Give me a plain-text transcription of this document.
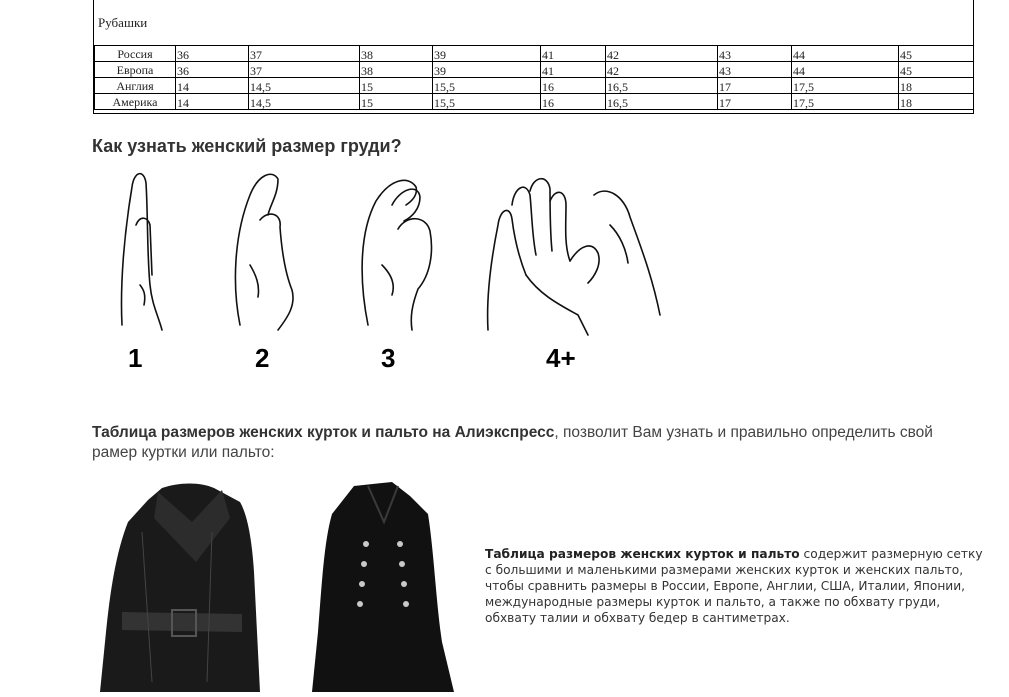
Рубашки
Россия	36	37	38	39	41	42	43	44	45
Европа	36	37	38	39	41	42	43	44	45
Англия	14	14,5	15	15,5	16	16,5	17	17,5	18
Америка	14	14,5	15	15,5	16	16,5	17	17,5	18
Как узнать женский размер груди?
1	2	3	4+

Таблица размеров женских курток и пальто на Алиэкспресс, позволит Вам узнать и правильно определить свой рамер куртки или пальто:

Таблица размеров женских курток и пальто содержит размерную сетку с большими и маленькими размерами женских курток и женских пальто, чтобы сравнить размеры в России, Европе, Англии, США, Италии, Японии, международные размеры курток и пальто, а также по обхвату груди, обхвату талии и обхвату бедер в сантиметрах.
